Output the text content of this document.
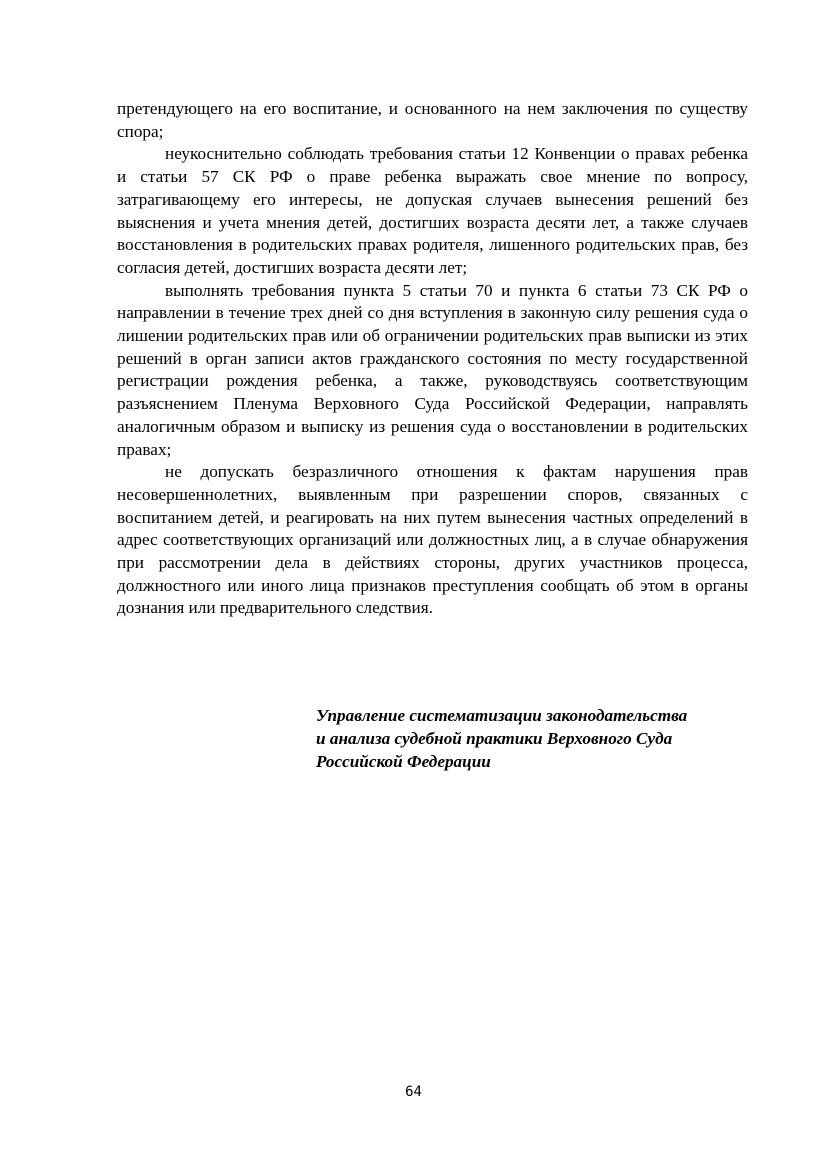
претендующего на его воспитание, и основанного на нем заключения по существу спора;

неукоснительно соблюдать требования статьи 12 Конвенции о правах ребенка и статьи 57 СК РФ о праве ребенка выражать свое мнение по вопросу, затрагивающему его интересы, не допуская случаев вынесения решений без выяснения и учета мнения детей, достигших возраста десяти лет, а также случаев восстановления в родительских правах родителя, лишенного родительских прав, без согласия детей, достигших возраста десяти лет;

выполнять требования пункта 5 статьи 70 и пункта 6 статьи 73 СК РФ о направлении в течение трех дней со дня вступления в законную силу решения суда о лишении родительских прав или об ограничении родительских прав выписки из этих решений в орган записи актов гражданского состояния по месту государственной регистрации рождения ребенка, а также, руководствуясь соответствующим разъяснением Пленума Верховного Суда Российской Федерации, направлять аналогичным образом и выписку из решения суда о восстановлении в родительских правах;

не допускать безразличного отношения к фактам нарушения прав несовершеннолетних, выявленным при разрешении споров, связанных с воспитанием детей, и реагировать на них путем вынесения частных определений в адрес соответствующих организаций или должностных лиц, а в случае обнаружения при рассмотрении дела в действиях стороны, других участников процесса, должностного или иного лица признаков преступления сообщать об этом в органы дознания или предварительного следствия.

Управление систематизации законодательства
и анализа судебной практики Верховного Суда
Российской Федерации
64
